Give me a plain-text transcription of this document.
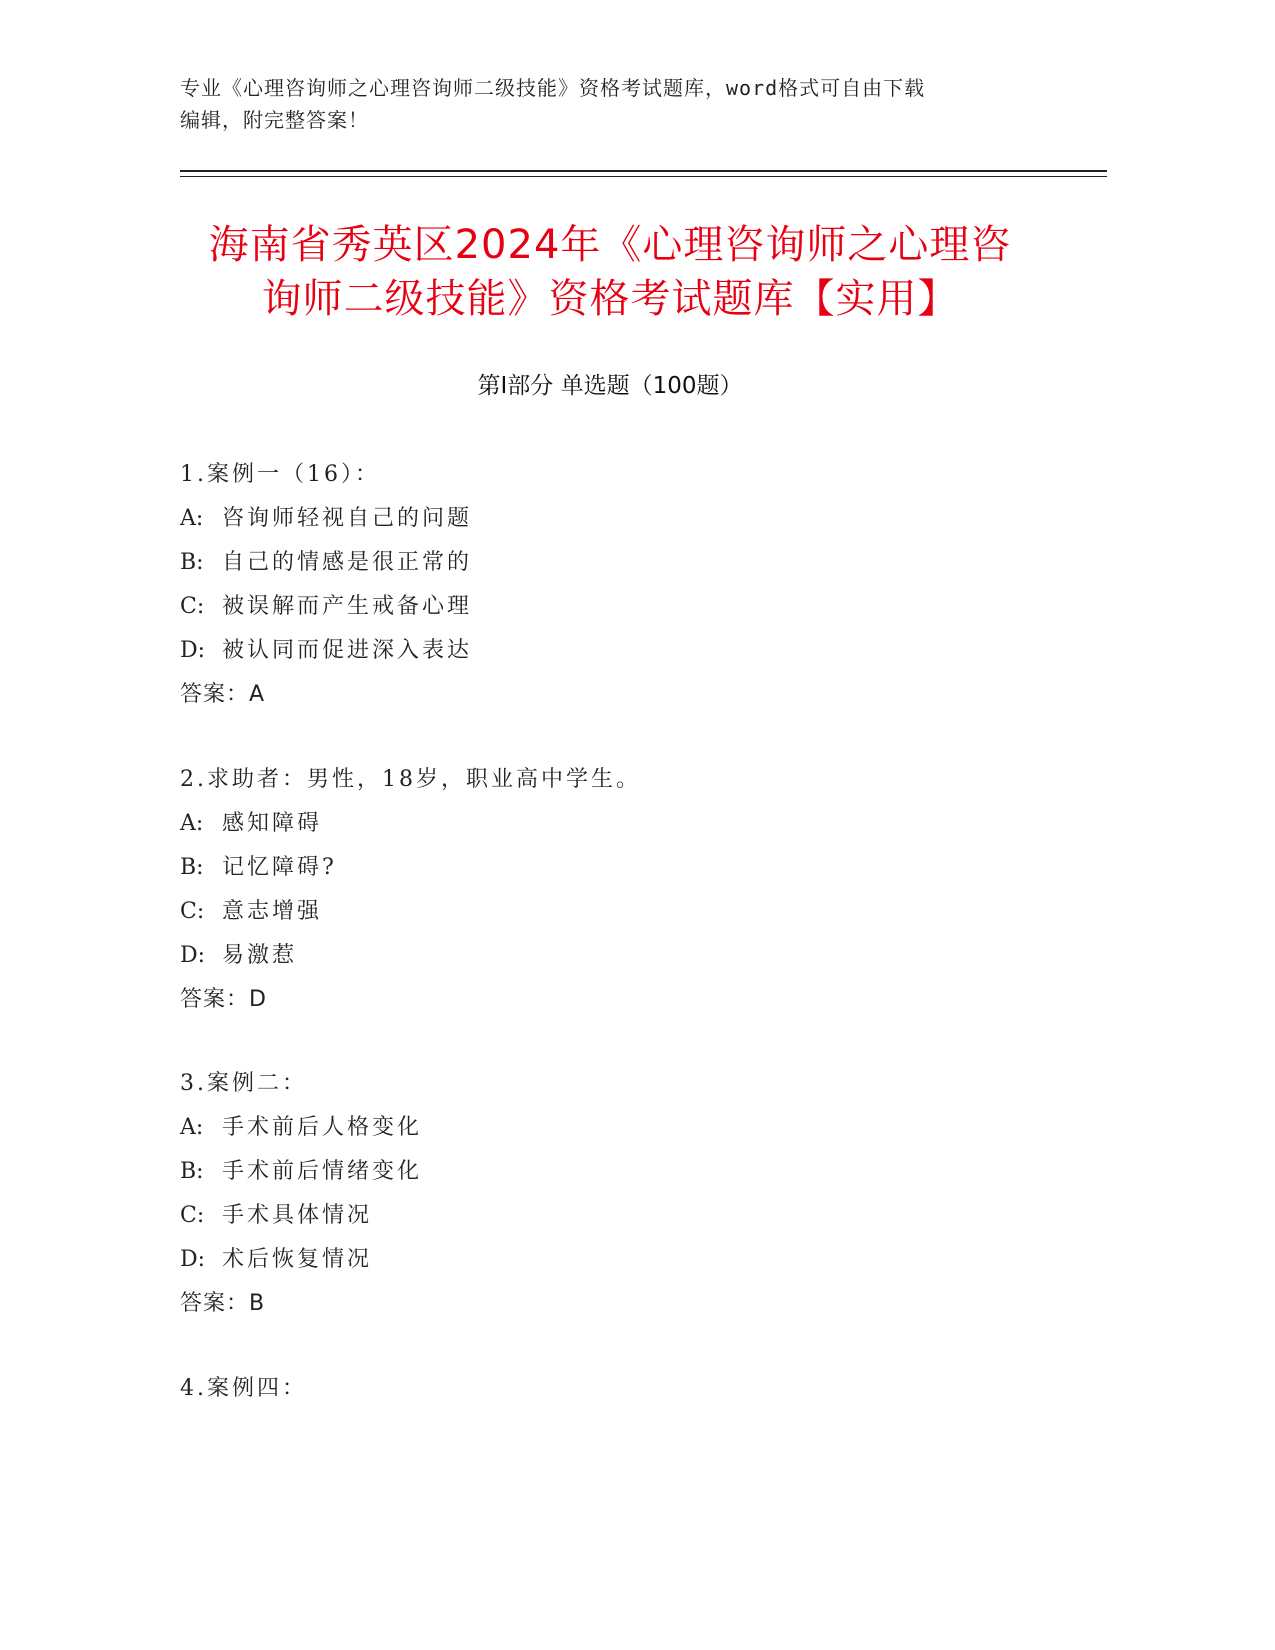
专业《心理咨询师之心理咨询师二级技能》资格考试题库，word格式可自由下载
编辑，附完整答案！
海南省秀英区2024年《心理咨询师之心理咨
询师二级技能》资格考试题库【实用】
第Ⅰ部分 单选题（100题）
1.案例一（16）：
A: 咨询师轻视自己的问题
B: 自己的情感是很正常的
C: 被误解而产生戒备心理
D: 被认同而促进深入表达
答案：A
2.求助者：男性，18岁，职业高中学生。
A: 感知障碍
B: 记忆障碍?
C: 意志增强
D: 易激惹
答案：D
3.案例二：
A: 手术前后人格变化
B: 手术前后情绪变化
C: 手术具体情况
D: 术后恢复情况
答案：B
4.案例四：
